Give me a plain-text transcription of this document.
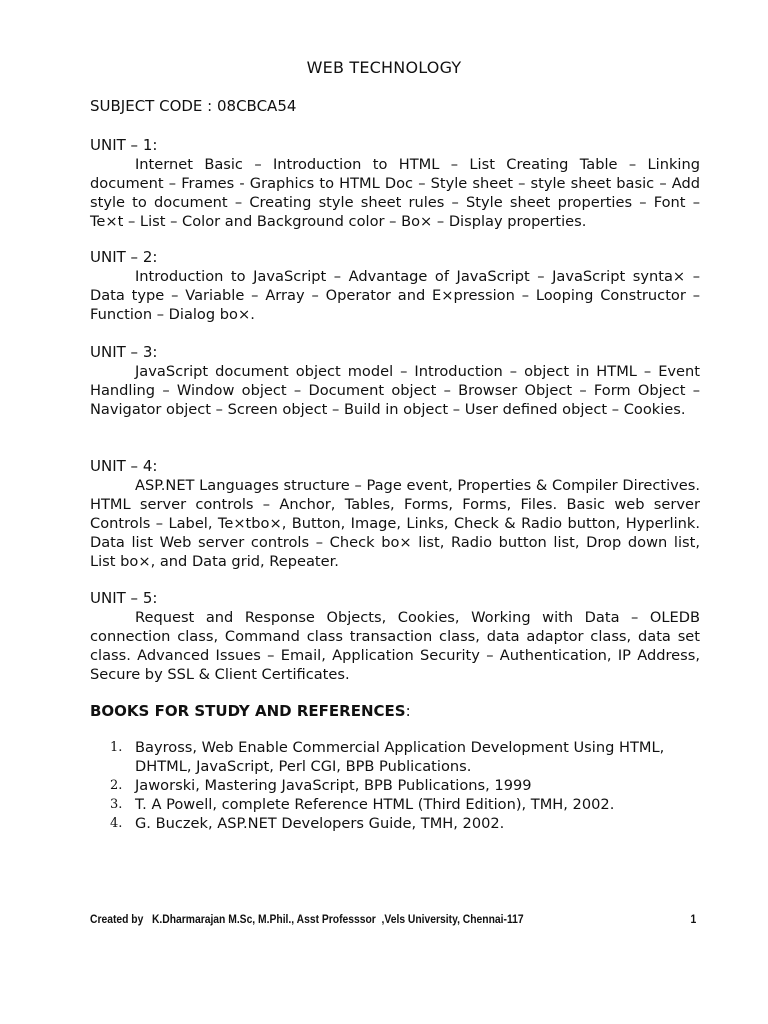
WEB TECHNOLOGY
SUBJECT CODE : 08CBCA54

UNIT – 1:

Internet Basic – Introduction to HTML – List Creating Table – Linking document – Frames - Graphics to HTML Doc – Style sheet – style sheet basic – Add style to document – Creating style sheet rules – Style sheet properties – Font – Te×t – List – Color and Background color – Bo× – Display properties.

UNIT – 2:

Introduction to JavaScript – Advantage of JavaScript – JavaScript synta× – Data type – Variable – Array – Operator and E×pression – Looping Constructor – Function – Dialog bo×.

UNIT – 3:

JavaScript document object model – Introduction – object in HTML – Event Handling – Window object – Document object – Browser Object – Form Object – Navigator object – Screen object – Build in object – User defined object – Cookies.

UNIT – 4:

ASP.NET Languages structure – Page event, Properties & Compiler Directives. HTML server controls – Anchor, Tables, Forms, Forms, Files. Basic web server Controls – Label, Te×tbo×, Button, Image, Links, Check & Radio button, Hyperlink. Data list Web server controls – Check bo× list, Radio button list, Drop down list, List bo×, and Data grid, Repeater.

UNIT – 5:

Request and Response Objects, Cookies, Working with Data – OLEDB connection class, Command class transaction class, data adaptor class, data set class. Advanced Issues – Email, Application Security – Authentication, IP Address, Secure by SSL & Client Certificates.

BOOKS FOR STUDY AND REFERENCES:
1. Bayross, Web Enable Commercial Application Development Using HTML, DHTML, JavaScript, Perl CGI, BPB Publications.
2. Jaworski, Mastering JavaScript, BPB Publications, 1999
3. T. A Powell, complete Reference HTML (Third Edition), TMH, 2002.
4. G. Buczek, ASP.NET Developers Guide, TMH, 2002.
Created by   K.Dharmarajan M.Sc, M.Phil., Asst Professsor  ,Vels University, Chennai-117	1
